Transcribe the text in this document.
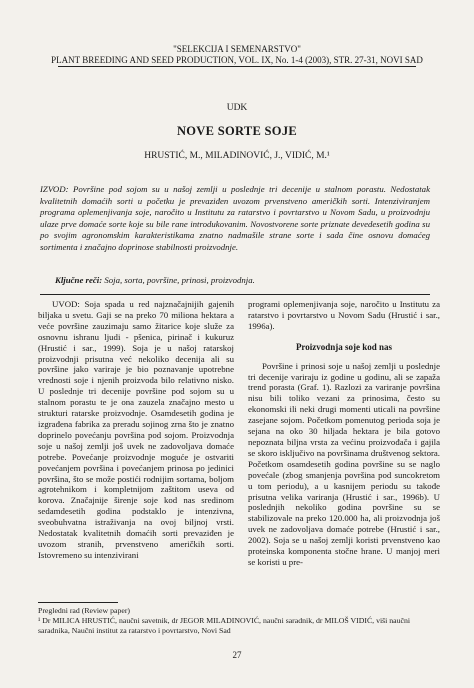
"SELEKCIJA I SEMENARSTVO"
PLANT BREEDING AND SEED PRODUCTION, VOL. IX, No. 1-4 (2003), STR. 27-31, NOVI SAD
UDK
NOVE SORTE SOJE
HRUSTIĆ, M., MILADINOVIĆ, J., VIDIĆ, M.¹
IZVOD: Površine pod sojom su u našoj zemlji u poslednje tri decenije u stalnom porastu. Nedostatak kvalitetnih domaćih sorti u početku je prevaziđen uvozom prvenstveno američkih sorti. Intenziviranjem programa oplemenjivanja soje, naročito u Institutu za ratarstvo i povrtarstvo u Novom Sadu, u proizvodnju ulaze prve domaće sorte koje su bile rane introdukovanim. Novostvorene sorte priznate devedesetih godina su po svojim agronomskim karakteristikama znatno nadmašile strane sorte i sada čine osnovu domaćeg sortimenta i značajno doprinose stabilnosti proizvodnje.
Ključne reči: Soja, sorta, površine, prinosi, proizvodnja.

UVOD: Soja spada u red najznačajnijih gajenih biljaka u svetu. Gaji se na preko 70 miliona hektara a veće površine zauzimaju samo žitarice koje služe za osnovnu ishranu ljudi - pšenica, pirinač i kukuruz (Hrustić i sar., 1999). Soja je u našoj ratarskoj proizvodnji prisutna već nekoliko decenija ali su površine jako variraje je bio poznavanje upotrebne vrednosti soje i njenih proizvoda bilo relativno nisko. U poslednje tri decenije površine pod sojom su u stalnom porastu te je ona zauzela značajno mesto u strukturi ratarske proizvodnje. Osamdesetih godina je izgrađena fabrika za preradu sojinog zrna što je znatno doprinelo povećanju površina pod sojom. Proizvodnja soje u našoj zemlji još uvek ne zadovoljava domaće potrebe. Povećanje proizvodnje moguće je ostvariti povećanjem površina i povećanjem prinosa po jedinici površina, što se može postići rodnijim sortama, boljom agrotehnikom i kompletnijom zaštitom useva od korova. Značajnije širenje soje kod nas sredinom sedamdesetih godina podstaklo je intenzivna, sveobuhvatna istraživanja na ovoj biljnoj vrsti. Nedostatak kvalitetnih domaćih sorti prevaziđen je uvozom stranih, prvenstveno američkih sorti. Istovremeno su intenzivirani

programi oplemenjivanja soje, naročito u Institutu za ratarstvo i povrtarstvo u Novom Sadu (Hrustić i sar., 1996a).

Proizvodnja soje kod nas

Površine i prinosi soje u našoj zemlji u poslednje tri decenije variraju iz godine u godinu, ali se zapaža trend porasta (Graf. 1). Razlozi za variranje površina nisu bili toliko vezani za prinosima, često su ekonomski ili neki drugi momenti uticali na površine zasejane sojom. Početkom pomenutog perioda soja je sejana na oko 30 hiljada hektara je bila gotovo nepoznata biljna vrsta za većinu proizvođača i gajila se skoro isključivo na površinama društvenog sektora. Početkom osamdesetih godina površine su se naglo povećale (zbog smanjenja površina pod suncokretom u tom periodu), a u kasnijem periodu su takođe prisutna velika variranja (Hrustić i sar., 1996b). U poslednjih nekoliko godina površine su se stabilizovale na preko 120.000 ha, ali proizvodnja još uvek ne zadovoljava domaće potrebe (Hrustić i sar., 2002). Soja se u našoj zemlji koristi prvenstveno kao proteinska komponenta stočne hrane. U manjoj meri se koristi u pre-

Pregledni rad (Review paper)

¹ Dr MILICA HRUSTIĆ, naučni savetnik, dr JEGOR MILADINOVIĆ, naučni saradnik, dr MILOŠ VIDIĆ, viši naučni saradnika, Naučni institut za ratarstvo i povrtarstvo, Novi Sad

27
